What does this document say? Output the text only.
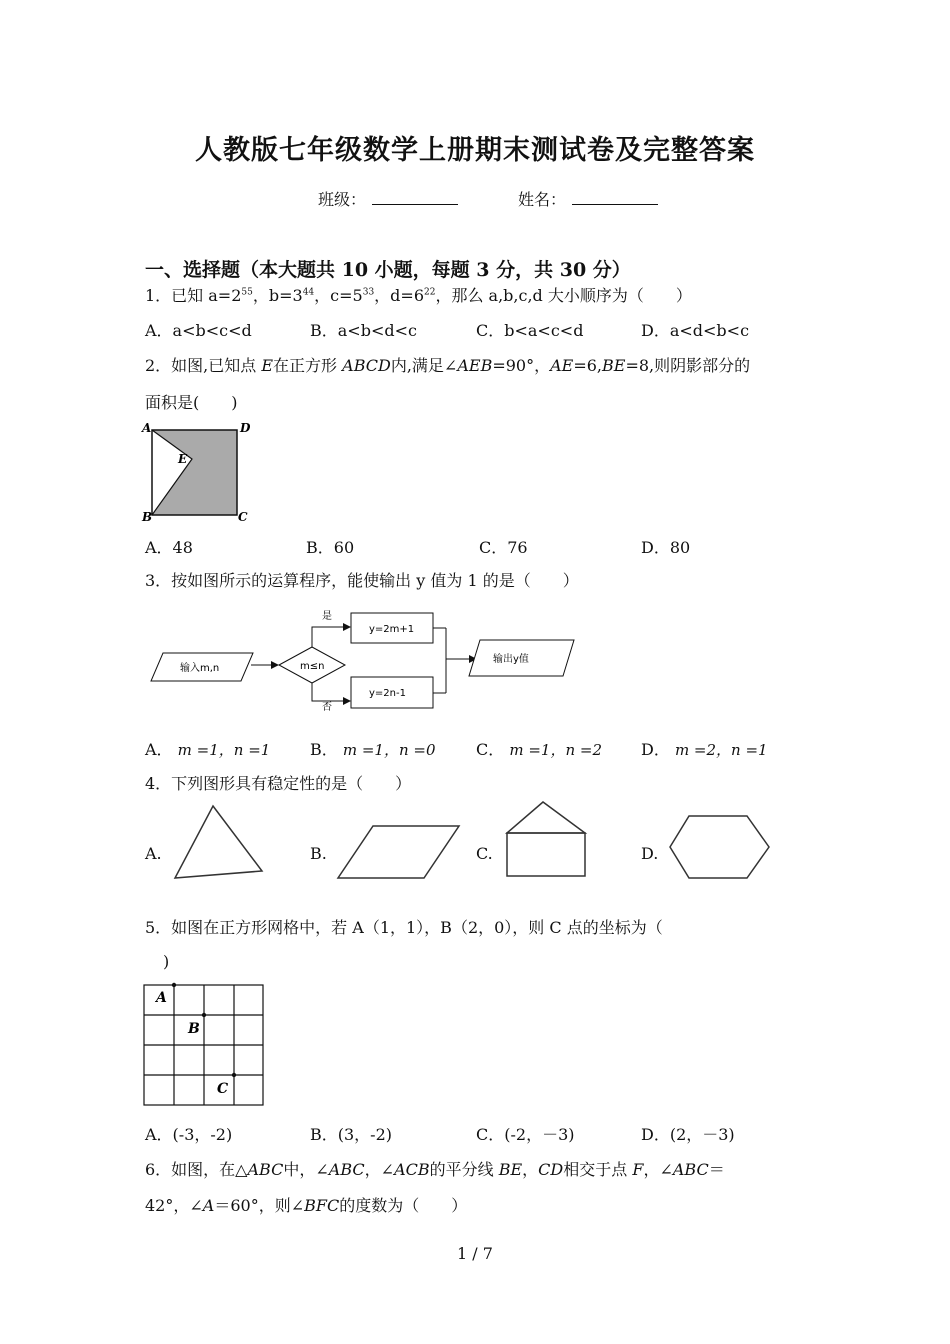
人教版七年级数学上册期末测试卷及完整答案
班级：	姓名：
一、选择题（本大题共 10 小题，每题 3 分，共 30 分）
1．已知 $a=2^{55}$，$b=3^{44}$，$c=5^{33}$，$d=6^{22}$，那么 a,b,c,d 大小顺序为（　　）
A．a<b<c<d	B．a<b<d<c	C．b<a<c<d	D．a<d<b<c
2．如图,已知点 E在正方形 ABCD内,满足∠AEB=90°，AE=6,BE=8,则阴影部分的
面积是(　　)
A	D
E
B	C
A．48	B．60	C．76	D．80
3．按如图所示的运算程序，能使输出 y 值为 1 的是（　　）
输入m,n	m≤n
是
否
y=2m+1
y=2n-1
输出y值
A． m =1，n =1 B． m =1，n =0	C． m =1，n =2 D． m =2，n =1
4．下列图形具有稳定性的是（　　）
A.	B.	C.	D.
5．如图在正方形网格中，若 A（1，1），B（2，0），则 C 点的坐标为（
)
A
B
C
A．(-3，-2)	B．(3，-2)	C．(-2，－3)	D．(2，－3)
6．如图，在△ABC中，∠ABC，∠ACB的平分线 BE，CD相交于点 F，∠ABC＝
42°，∠A＝60°，则∠BFC的度数为（　　）
1 / 7
